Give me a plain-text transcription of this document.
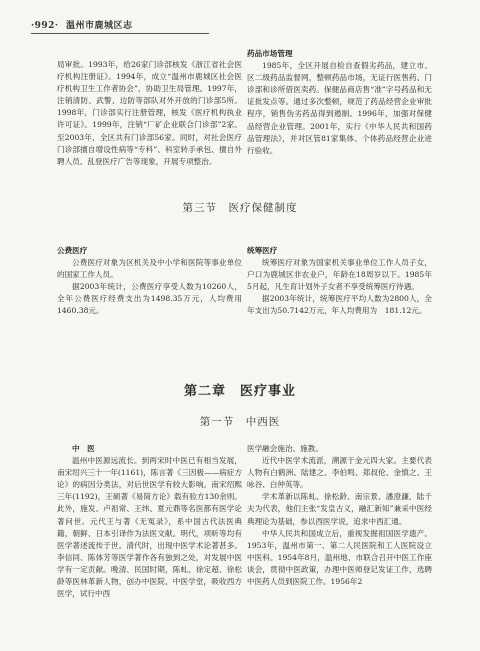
·992· 温州市鹿城区志

局审批。1993年，给26家门诊部核发《浙江省社会医疗机构注册证》。1994年，成立“温州市鹿城区社会医疗机构卫生工作者协会”，协助卫生局管理。1997年，注销清防、武警、边防等部队对外开放的门诊部5所。1998年，门诊部实行注册管理，核发《医疗机构执业许可证》。1999年，注销“厂矿企业联合门诊部”2家。至2003年，全区共有门诊部56家。同时，对社会医疗门诊部擅自增设性病等“专科”、科室转手承包、擅自外聘人员、乱登医疗广告等现象，开展专项整治。

药品市场管理

1985年，全区开展自检自查假劣药品，建立市、区二级药品监督网，整顿药品市场，无证行医售药、门诊部和诊所借医卖药。保健品商店售“准”字号药品和无证批发点等。通过多次整顿，规范了药品经营企业审批程序，销售伪劣药品得到遏制。1996年，加强对保健品经营企业管理。2001年，实行《中华人民共和国药品管理法》，并对区管81家集体、个体药品经营企业进行验收。

第三节　医疗保健制度

公费医疗

公费医疗对象为区机关及中小学和医院等事业单位的国家工作人员。

据2003年统计，公费医疗享受人数为10260人，全年公费医疗经费支出为1498.35万元，人均费用1460.38元。

统筹医疗

统筹医疗对象为国家机关事业单位工作人员子女，户口为鹿城区非农业户，年龄在18周岁以下。1985年5月起，凡生育计划外子女者不享受统筹医疗待遇。

据2003年统计，统筹医疗平均人数为2800人，全年支出为50.7142万元，年人均费用为　181.12元。

第二章　医疗事业
第一节　中西医

中　医

温州中医源远流长。到两宋时中医已有相当发展，南宋绍兴三十一年(1161)，陈言著《三因极——病症方论》的病因分类法，对后世医学有较大影响。南宋绍熙三年(1192)，王硕著《易简方论》载有验方130余则。此外，施发、卢祖常、王纬、夏元鼎等名医都有医学论著问世。元代王与著《无冤录》，系中国古代法医典籍，朝鲜、日本引译作为法医文献。明代，项昕等均有医学著述流传于世。清代时，出现中医学术论著甚多。李信同、陈体芳等医学著作各有独到之处，对发展中医学有一定贡献。晚清、民国时期，陈虬、徐定超、徐松龄等医林革新人物，创办中医院、中医学堂，吸收西方医学，试行中西

医学融会施治、施教。

近代中医学术流派，溯源于金元四大家。主要代表人物有白鹤洲、陆建之、李伯鸣、郑叔伦、金慎之、王咏谷、白仲英等。

学术革新以陈虬、徐松龄、南宗景、潘澄濂、陆千夫为代表，他们主张“发皇古义，融汇新知”兼采中医经典理论为基础，参以西医学说，追求中西汇通。

中华人民共和国成立后，重视发掘祖国医学遗产。1953年，温州市第一、第二人民医院和工人医院设立中医科。1954年8月，温州地、市联合召开中医工作座谈会，贯彻中医政策，办理中医师登记发证工作，选聘中医药人员到医院工作。1956年2
